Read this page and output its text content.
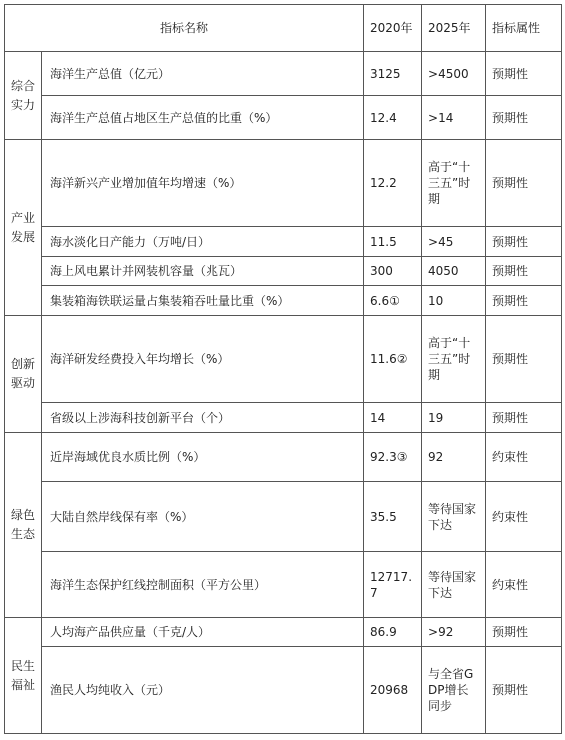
指标名称		2020年	2025年	指标属性
综合实力	海洋生产总值（亿元）	3125	>4500	预期性
	海洋生产总值占地区生产总值的比重（%）	12.4	>14	预期性
产业发展	海洋新兴产业增加值年均增速（%）	12.2	高于“十三五”时期	预期性
	海水淡化日产能力（万吨/日）	11.5	>45	预期性
	海上风电累计并网装机容量（兆瓦）	300	4050	预期性
	集装箱海铁联运量占集装箱吞吐量比重（%）	6.6①	10	预期性
创新驱动	海洋研发经费投入年均增长（%）	11.6②	高于“十三五”时期	预期性
	省级以上涉海科技创新平台（个）	14	19	预期性
绿色生态	近岸海域优良水质比例（%）	92.3③	92	约束性
	大陆自然岸线保有率（%）	35.5	等待国家下达	约束性
	海洋生态保护红线控制面积（平方公里）	12717.7	等待国家下达	约束性
民生福祉	人均海产品供应量（千克/人）	86.9	>92	预期性
	渔民人均纯收入（元）	20968	与全省GDP增长同步	预期性
